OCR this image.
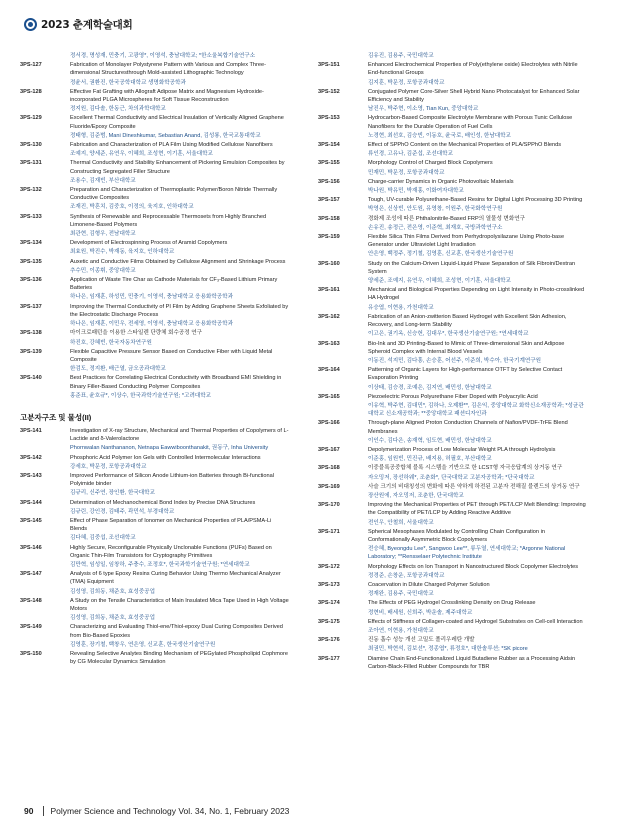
2023 춘계학술대회
정서경, 명성재, 민충기, 고광영*, 이영석, 충남대학교; *한소울복합기술연구소
3PS-127	Fabrication of Monolayer Polystyrene Pattern with Various and Complex Three-dimensional Structuresthrough Mold-assisted Lithographic Technology
정윤서, 권환진, 한국공학대학교 생명화학공학과
3PS-128	Effective Fat Grafting with Allograft Adipose Matrix and Magnesium Hydroxide-incorporated PLGA Microspheres for Soft Tissue Reconstruction
정지원, 김다솔, 한동근, 차의과학대학교
3PS-129	Excellent Thermal Conductivity and Electrical Insulation of Vertically Aligned Graphene Fluoride/Epoxy Composite
정태형, 김준범, Mani Dineshkumar, Sebastian Anand, 김성룡, 한국교통대학교
3PS-130	Fabrication and Characterization of PLA Film Using Modified Cellulose Nanofibers
조예지, 양세준, 유연우, 이혜희, 조성현, 이기훈, 서울대학교
3PS-131	Thermal Conductivity and Stability Enhancement of Pickering Emulsion Composites by Constructing Segregated Filler Structure
조용수, 김재빈, 부산대학교
3PS-132	Preparation and Characterization of Thermoplastic Polymer/Boron Nitride Thermally Conductive Composites
조재진, 박혼치, 김중호, 이정의, 육지호, 인하대학교
3PS-133	Synthesis of Renewable and Reprocessable Thermosets from Highly Branched Limonene-Based Polymers
최관현, 김형우, 전남대학교
3PS-134	Development of Electrospinning Process of Aramid Copolymers
최효원, 박진수, 박재동, 육지호, 인하대학교
3PS-135	Auxetic and Conductive Films Obtained by Cellulose Alignment and Shrinkage Process
추수민, 이종휘, 중앙대학교
3PS-136	Application of Waste Tire Char as Cathode Materials for CF₃-Based Lithium Primary Batteries
하나은, 임재훈, 하성민, 민충기, 이영석, 충남대학교 응용화학공학과
3PS-137	Improving the Thermal Conductivity of PI Film by Adding Graphene Sheets Exfoliated by the Electrostatic Discharge Process
하나은, 임재훈, 이민우, 전세영, 이영석, 충남대학교 응용화학공학과
3PS-138	마이크로패턴을 이용한 스타일렌 단량체 회수공정 연구
하진호, 강혜빈, 한국자동차연구원
3PS-139	Flexible Capacitive Pressure Sensor Based on Conductive Fiber with Liquid Metal Composite
한검도, 정지환, 배근열, 금오공과대학교
3PS-140	Best Practices for Correlating Electrical Conductivity with Broadband EMI Shielding in Binary Filler-Based Conducting Polymer Composites
홍준표, 윤호규*, 이상수, 한국과학기술연구원; *고려대학교
고분자구조 및 물성(II)
3PS-141	Investigation of X-ray Structure, Mechanical and Thermal Properties of Copolymers of L-Lactide and δ-Valerolactone
Phornwalan Nanthananon, Netnapa Eawwiboonthanakit, 권동구, Inha University
3PS-142	Phosphoric Acid Polymer Ion Gels with Controlled Intermolecular Interactions
강세호, 박문정, 포항공과대학교
3PS-143	Improved Performance of Silicon Anode Lithium-ion Batteries through Bi-functional Polyimide binder
김규리, 신주연, 장인환, 한국대학교
3PS-144	Determination of Mechanochemical Bond Index by Precise DNA Structures
김규린, 강인경, 김태주, 곽민석, 부경대학교
3PS-145	Effect of Phase Separation of Ionomer on Mechanical Properties of PLA/PSMA-Li Blends
김다혜, 김중섭, 조선대학교
3PS-146	Highly Secure, Reconfigurable Physically Unclonable Functions (PUFs) Based on Organic Thin-Film Transistors for Cryptography Primitives
김만혁, 임성일, 임창하, 주충수, 조정호*, 한국과학기술연구원; *연세대학교
3PS-147	Analysis of 6 type Epoxy Resins Curing Behavior Using Thermo Mechanical Analyzer (TMA) Equipment
김성영, 김희동, 채준호, 효성중공업
3PS-148	A Study on the Tensile Characteristics of Main Insulated Mica Tape Used in High Voltage Motors
김성영, 김희동, 채준호, 효성중공업
3PS-149	Characterizing and Evaluating Thiol-ene/Thiol-epoxy Dual Curing Composites Derived from Bio-Based Epoxies
김영훈, 장기철, 백창우, 연은영, 신교훈, 한국생산기술연구원
3PS-150	Revealing Selective Analytes Binding Mechanism of PEGylated Phospholipid Cophmore by CG Molecular Dynamics Simulation
김유진, 김용주, 국민대학교
3PS-151	Enhanced Electrochemical Properties of Poly(ethylene oxide) Electrolytes with Nitrile End-functional Groups
김지훈, 박문정, 포항공과대학교
3PS-152	Conjugated Polymer Core-Silver Shell Hybrid Nano Photocatalyst for Enhanced Solar Efficiency and Stability
남진우, 박주현, 이소영, Tian Kun, 중앙대학교
3PS-153	Hydrocarbon-Based Composite Electrolyte Membrane with Porous Tunic Cellulose Nanofibers for the Durable Operation of Fuel Cells
노경현, 최선호, 김승빈, 이동호, 윤국로, 배인성, 한남대학교
3PS-154	Effect of SPPhO Content on the Mechanical Properties of PLA/SPPhO Blends
류인경, 고유나, 김준섭, 조선대학교
3PS-155	Morphology Control of Charged Block Copolymers
민재민, 박문정, 포항공과대학교
3PS-156	Charge-carrier Dynamics in Organic Photovoltaic Materials
박나원, 박유민, 박재홍, 이화여자대학교
3PS-157	Tough, UV-curable Polyurethane-Based Resins for Digital Light Processing 3D Printing
박영은, 신상빈, 안도원, 유영창, 이원주, 한국화학연구원
3PS-158	경화제 조성에 따른 Phthalonitrile-Based FRP의 열물성 변화연구
손유진, 송정근, 전은영, 이준혁, 최재호, 국방과학연구소
3PS-159	Flexible Silica Thin Films Derived from Perhydropolysilazane Using Photo-base Generator under Ultraviolet Light Irradiation
안은영, 백정주, 정기철, 김영훈, 신교훈, 한국생산기술연구원
3PS-160	Study on the Calcium-Driven Liquid-Liquid Phase Separation of Silk Fibroin/Dextran System
양세준, 조예지, 유연우, 이혜희, 조성현, 이기훈, 서울대학교
3PS-161	Mechanical and Biological Properties Depending on Light Intensity in Photo-crosslinked HA Hydrogel
유승엽, 이현용, 가천대학교
3PS-162	Fabrication of an Anion-zwitterion Based Hydrogel with Excellent Skin Adhesion, Recovery, and Long-term Stability
이고은, 권기옥, 신승헌, 김대우*, 한국생산기술연구원; *연세대학교
3PS-163	Bio-Ink and 3D Printing-Based to Mimic of Three-dimensional Skin and Adipose Spheroid Complex with Internal Blood Vessels
이동진, 석지민, 김다흥, 손승훈, 어선주, 이준희, 박수아, 한국기계연구원
3PS-164	Patterning of Organic Layers for High-performance OTFT by Selective Contact Evaporation Printing
이상태, 김승경, 조예은, 김지연, 배민성, 한남대학교
3PS-165	Piezoelectric Porous Polyurethane Fiber Doped with Polyacrylic Acid
이유혁, 박주현, 김대민*, 김하나, 오제환**, 김은익, 중앙대학교 화학신소재공학과; *성균관대학교 신소재공학과; **중앙대학교 패션디자인과
3PS-166	Through-plane Aligned Proton Conduction Channels of Nafion/PVDF-TrFE Blend Membranes
이인수, 김다은, 송재혁, 임도현, 배민성, 한남대학교
3PS-167	Depolymerization Process of Low Molecular Weight PLA through Hydrolysis
이준홍, 임원빈, 민진규, 배지용, 허필호, 부산대학교
3PS-168	이중블록공중합체 블록 시스템을 기반으로 한 LCST형 자극응답계의 상거동 연구
자오밍저, 장선하웨*, 조춘화*, 단국대학교 고분자공학과; *단국대학교
3PS-169	사슬 크기의 비대칭성의 변화에 따른 약하게 하전된 고분자 전해질 블렌드의 상거동 연구
장산원에, 자오밍저, 조춘한, 단국대학교
3PS-170	Improving the Mechanical Properties of PET through PET/LCP Melt Blending: Improving the Compatibility of PET/LCP by Adding Reactive Additive
전인우, 안철희, 서울대학교
3PS-171	Spherical Mesophases Modulated by Controlling Chain Configuration in Conformationally Asymmetric Block Copolymers
전승혜, Byeongdu Lee*, Sangwoo Lee**, 류두열, 연세대학교; *Argonne National Laboratory; **Rensselaer Polytechnic Institute
3PS-172	Morphology Effects on Ion Transport in Nanostructured Block Copolymer Electrolytes
정경준, 손창운, 포항공과대학교
3PS-173	Coacervation in Dilute Charged Polymer Solution
정재완, 김용주, 국민대학교
3PS-174	The Effects of PEG Hydrogel Crosslinking Density on Drug Release
정현비, 배세원, 신희주, 박운솔, 제주대학교
3PS-175	Effects of Stiffness of Collagen-coated and Hydrogel Substrates on Cell-cell Interaction
조아연, 이현용, 가천대학교
3PS-176	진동 흡수 성능 개선 고밀도 폴리우레탄 개발
최권민, 박현석, 김보선*, 정종엽*, 류정호*, 대한솔루션; *SK picore
3PS-177	Diamine Chain End-Functionalized Liquid Butadiene Rubber as a Processing Aidsin Carbon-Black-Filled Rubber Compounds for TBR
90 Polymer Science and Technology Vol. 34, No. 1, February 2023
